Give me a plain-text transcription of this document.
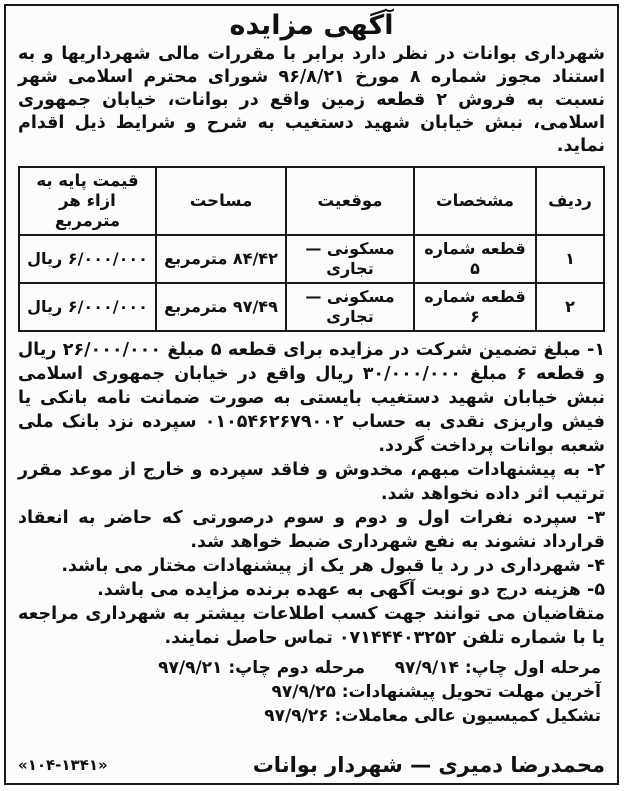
آگهی مزایده
شهرداری بوانات در نظر دارد برابر با مقررات مالی شهرداریها و به استناد مجوز شماره ۸ مورخ ۹۶/۸/۲۱ شورای محترم اسلامی شهر نسبت به فروش ۲ قطعه زمین واقع در بوانات، خیابان جمهوری اسلامی، نبش خیابان شهید دستغیب به شرح و شرایط ذیل اقدام نماید.
ردیف	مشخصات	موقعیت	مساحت	قیمت پایه به ازاء هر مترمربع
۱	قطعه شماره ۵	مسکونی — تجاری	۸۴/۴۲ مترمربع	۶/۰۰۰/۰۰۰ ریال
۲	قطعه شماره ۶	مسکونی — تجاری	۹۷/۴۹ مترمربع	۶/۰۰۰/۰۰۰ ریال
۱- مبلغ تضمین شرکت در مزایده برای قطعه ۵ مبلغ ۲۶/۰۰۰/۰۰۰ ریال و قطعه ۶ مبلغ ۳۰/۰۰۰/۰۰۰ ریال واقع در خیابان جمهوری اسلامی نبش خیابان شهید دستغیب بایستی به صورت ضمانت نامه بانکی یا فیش واریزی نقدی به حساب ۰۱۰۵۴۶۲۶۷۹۰۰۲ سپرده نزد بانک ملی شعبه بوانات پرداخت گردد.
۲- به پیشنهادات مبهم، مخدوش و فاقد سپرده و خارج از موعد مقرر ترتیب اثر داده نخواهد شد.
۳- سپرده نفرات اول و دوم و سوم درصورتی که حاضر به انعقاد قرارداد نشوند به نفع شهرداری ضبط خواهد شد.
۴- شهرداری در رد یا قبول هر یک از پیشنهادات مختار می باشد.
۵- هزینه درج دو نوبت آگهی به عهده برنده مزایده می باشد.
متقاضیان می توانند جهت کسب اطلاعات بیشتر به شهرداری مراجعه یا با شماره تلفن ۰۷۱۴۴۴۰۳۲۵۲ تماس حاصل نمایند.
مرحله اول چاپ: ۹۷/۹/۱۴     مرحله دوم چاپ: ۹۷/۹/۲۱
آخرین مهلت تحویل پیشنهادات: ۹۷/۹/۲۵
تشکیل کمیسیون عالی معاملات: ۹۷/۹/۲۶
محمدرضا دمیری — شهردار بوانات
«۱۰۴-۱۳۴۱»
